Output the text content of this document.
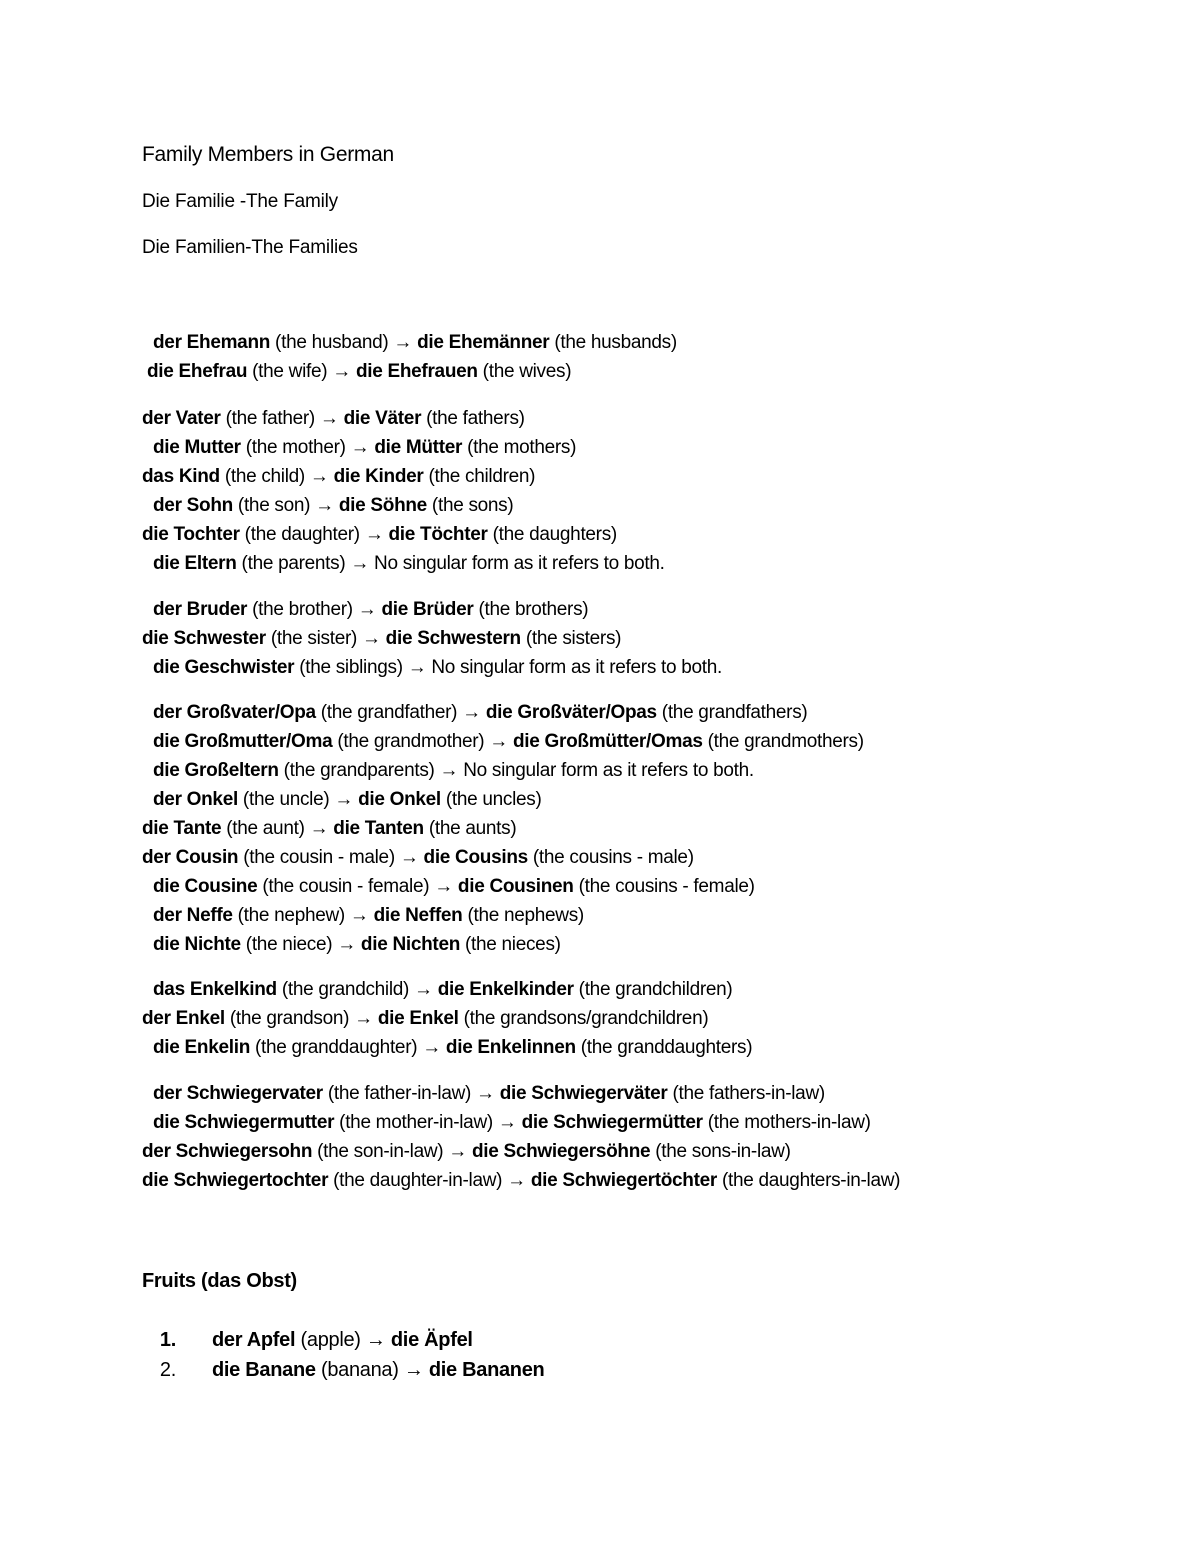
Family Members in German
Die Familie -The Family
Die Familien-The Families
der Ehemann (the husband) → die Ehemänner (the husbands)
die Ehefrau (the wife) → die Ehefrauen (the wives)
der Vater (the father) → die Väter (the fathers)
die Mutter (the mother) → die Mütter (the mothers)
das Kind (the child) → die Kinder (the children)
der Sohn (the son) → die Söhne (the sons)
die Tochter (the daughter) → die Töchter (the daughters)
die Eltern (the parents) → No singular form as it refers to both.
der Bruder (the brother) → die Brüder (the brothers)
die Schwester (the sister) → die Schwestern (the sisters)
die Geschwister (the siblings) → No singular form as it refers to both.
der Großvater/Opa (the grandfather) → die Großväter/Opas (the grandfathers)
die Großmutter/Oma (the grandmother) → die Großmütter/Omas (the grandmothers)
die Großeltern (the grandparents) → No singular form as it refers to both.
der Onkel (the uncle) → die Onkel (the uncles)
die Tante (the aunt) → die Tanten (the aunts)
der Cousin (the cousin - male) → die Cousins (the cousins - male)
die Cousine (the cousin - female) → die Cousinen (the cousins - female)
der Neffe (the nephew) → die Neffen (the nephews)
die Nichte (the niece) → die Nichten (the nieces)
das Enkelkind (the grandchild) → die Enkelkinder (the grandchildren)
der Enkel (the grandson) → die Enkel (the grandsons/grandchildren)
die Enkelin (the granddaughter) → die Enkelinnen (the granddaughters)
der Schwiegervater (the father-in-law) → die Schwiegerväter (the fathers-in-law)
die Schwiegermutter (the mother-in-law) → die Schwiegermütter (the mothers-in-law)
der Schwiegersohn (the son-in-law) → die Schwiegersöhne (the sons-in-law)
die Schwiegertochter (the daughter-in-law) → die Schwiegertöchter (the daughters-in-law)
Fruits (das Obst)
1. der Apfel (apple) → die Äpfel
2. die Banane (banana) → die Bananen
